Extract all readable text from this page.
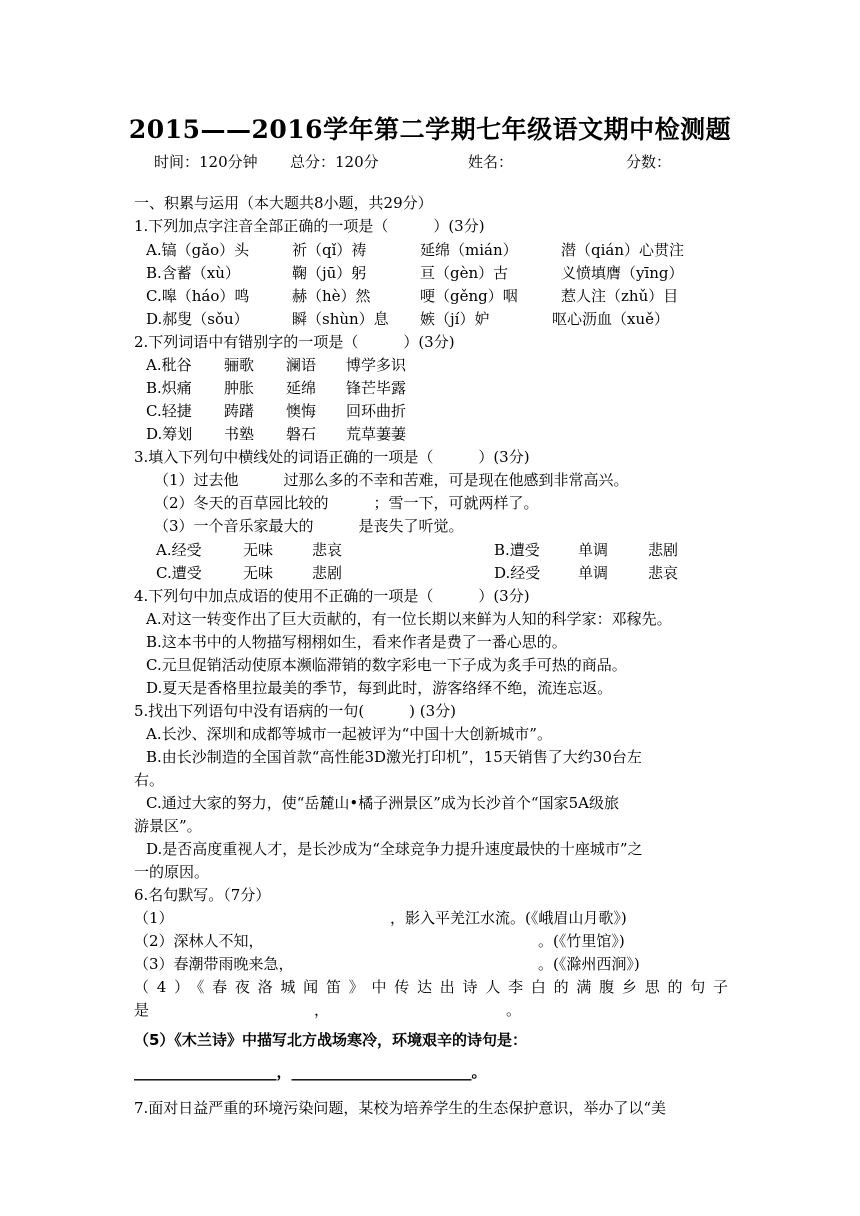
2015——2016学年第二学期七年级语文期中检测题
时间：120分钟 总分：120分	姓名：	分数：
一、积累与运用（本大题共8小题，共29分）
1.下列加点字注音全部正确的一项是（　　　）(3分)
A.镐（gǎo）头	祈（qǐ）祷	延绵（mián）	潜（qián）心贯注
B.含蓄（xù）	鞠（jū）躬	亘（gèn）古	义愤填膺（yīng）
C.嗥（háo）鸣	赫（hè）然	哽（gěng）咽	惹人注（zhǔ）目
D.郝叟（sǒu）	瞬（shùn）息 嫉（jí）妒	呕心沥血（xuě）
2.下列词语中有错别字的一项是（　　　）(3分)
A.秕谷 骊歌 澜语 博学多识
B.炽痛 肿胀 延绵 锋芒毕露
C.轻捷 踌躇 懊悔 回环曲折
D.筹划 书塾 磐石 荒草萋萋
3.填入下列句中横线处的词语正确的一项是（　　　）(3分)
（1）过去他　　　过那么多的不幸和苦难，可是现在他感到非常高兴。
（2）冬天的百草园比较的　　　；雪一下，可就两样了。
（3）一个音乐家最大的　　　是丧失了听觉。
A.经受	无味	悲哀	B.遭受	单调	悲剧
C.遭受	无味	悲剧	D.经受	单调	悲哀
4.下列句中加点成语的使用不正确的一项是（　　　）(3分)
A.对这一转变作出了巨大贡献的，有一位长期以来鲜为人知的科学家：邓稼先。
B.这本书中的人物描写栩栩如生，看来作者是费了一番心思的。
C.元旦促销活动使原本濒临滞销的数字彩电一下子成为炙手可热的商品。
D.夏天是香格里拉最美的季节，每到此时，游客络绎不绝，流连忘返。
5.找出下列语句中没有语病的一句(　　　) (3分)
A.长沙、深圳和成都等城市一起被评为“中国十大创新城市”。
B.由长沙制造的全国首款“高性能3D激光打印机”，15天销售了大约30台左
右。
C.通过大家的努力，使“岳麓山•橘子洲景区”成为长沙首个“国家5A级旅
游景区”。
D.是否高度重视人才，是长沙成为“全球竞争力提升速度最快的十座城市”之
一的原因。
6.名句默写。（7分）
（1）	，影入平羌江水流。(《峨眉山月歌》)
（2）深林人不知，	。(《竹里馆》)
（3）春潮带雨晚来急，	。(《滁州西涧》)
（4）《春夜洛城闻笛》中传达出诗人李白的满腹乡思的句子
是	，	。
（5）《木兰诗》中描写北方战场寒冷，环境艰辛的诗句是：
___________________，________________________。
7.面对日益严重的环境污染问题，某校为培养学生的生态保护意识，举办了以“美
